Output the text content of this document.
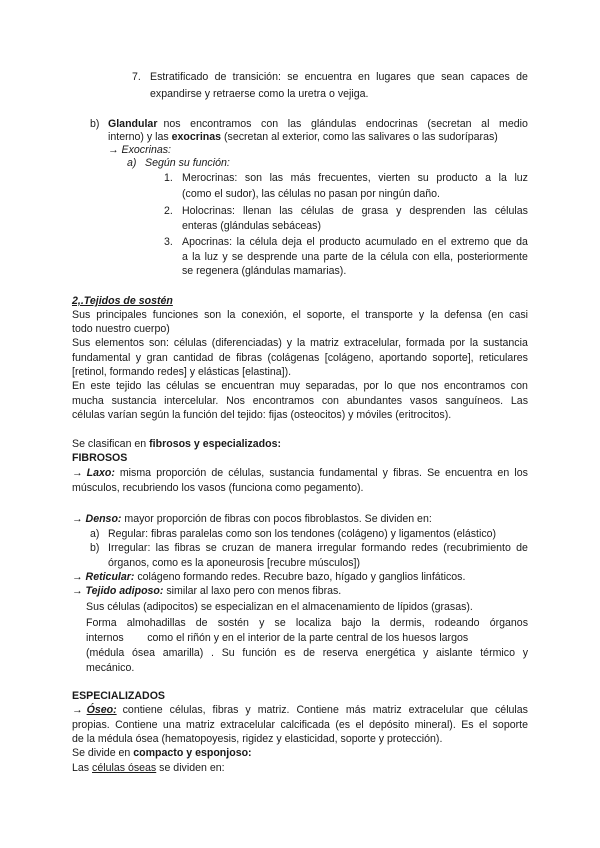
7. Estratificado de transición: se encuentra en lugares que sean capaces de
expandirse y retraerse como la uretra o vejiga.
b) Glandular nos encontramos con las glándulas endocrinas (secretan al medio
interno) y las exocrinas (secretan al exterior, como las salivares o las sudoríparas)
→ Exocrinas:
a) Según su función:
1. Merocrinas: son las más frecuentes, vierten su producto a la luz
(como el sudor), las células no pasan por ningún daño.
2. Holocrinas: llenan las células de grasa y desprenden las células
enteras (glándulas sebáceas)
3. Apocrinas: la célula deja el producto acumulado en el extremo que da
a la luz y se desprende una parte de la célula con ella, posteriormente
se regenera (glándulas mamarias).
2,.Tejidos de sostén
Sus principales funciones son la conexión, el soporte, el transporte y la defensa (en casi
todo nuestro cuerpo)
Sus elementos son: células (diferenciadas) y la matriz extracelular, formada por la sustancia
fundamental y gran cantidad de fibras (colágenas [colágeno, aportando soporte], reticulares
[retinol, formando redes] y elásticas [elastina]).
En este tejido las células se encuentran muy separadas, por lo que nos encontramos con
mucha sustancia intercelular. Nos encontramos con abundantes vasos sanguíneos. Las
células varían según la función del tejido: fijas (osteocitos) y móviles (eritrocitos).
Se clasifican en fibrosos y especializados:
FIBROSOS
→ Laxo: misma proporción de células, sustancia fundamental y fibras. Se encuentra en los
músculos, recubriendo los vasos (funciona como pegamento).
→ Denso: mayor proporción de fibras con pocos fibroblastos. Se dividen en:
a) Regular: fibras paralelas como son los tendones (colágeno) y ligamentos (elástico)
b) Irregular: las fibras se cruzan de manera irregular formando redes (recubrimiento de
órganos, como es la aponeurosis [recubre músculos])
→ Reticular: colágeno formando redes. Recubre bazo, hígado y ganglios linfáticos.
→ Tejido adiposo: similar al laxo pero con menos fibras.
Sus células (adipocitos) se especializan en el almacenamiento de lípidos (grasas).
Forma almohadillas de sostén y se localiza bajo la dermis, rodeando órganos
internos        como el riñón y en el interior de la parte central de los huesos largos
(médula ósea amarilla) . Su función es de reserva energética y aislante térmico y
mecánico.
ESPECIALIZADOS
→ Óseo: contiene células, fibras y matriz. Contiene más matriz extracelular que células
propias. Contiene una matriz extracelular calcificada (es el depósito mineral). Es el soporte
de la médula ósea (hematopoyesis, rigidez y elasticidad, soporte y protección).
Se divide en compacto y esponjoso:
Las células óseas se dividen en:
